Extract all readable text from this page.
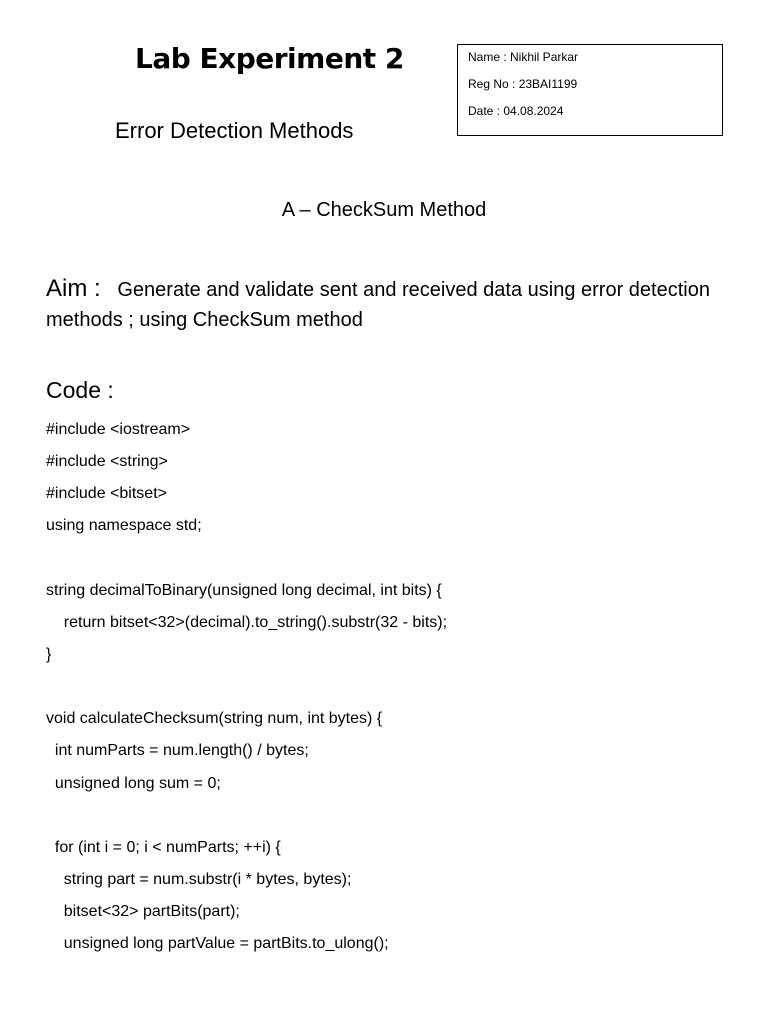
Lab Experiment 2	Name : Nikhil Parkar
Reg No : 23BAI1199
Date : 04.08.2024
Error Detection Methods
A – CheckSum Method
Aim : Generate and validate sent and received data using error detection methods ; using CheckSum method
Code :
#include <iostream>
#include <string>
#include <bitset>
using namespace std;
string decimalToBinary(unsigned long decimal, int bits) {
return bitset<32>(decimal).to_string().substr(32 - bits);
}
void calculateChecksum(string num, int bytes) {
int numParts = num.length() / bytes;
unsigned long sum = 0;
for (int i = 0; i < numParts; ++i) {
string part = num.substr(i * bytes, bytes);
bitset<32> partBits(part);
unsigned long partValue = partBits.to_ulong();
